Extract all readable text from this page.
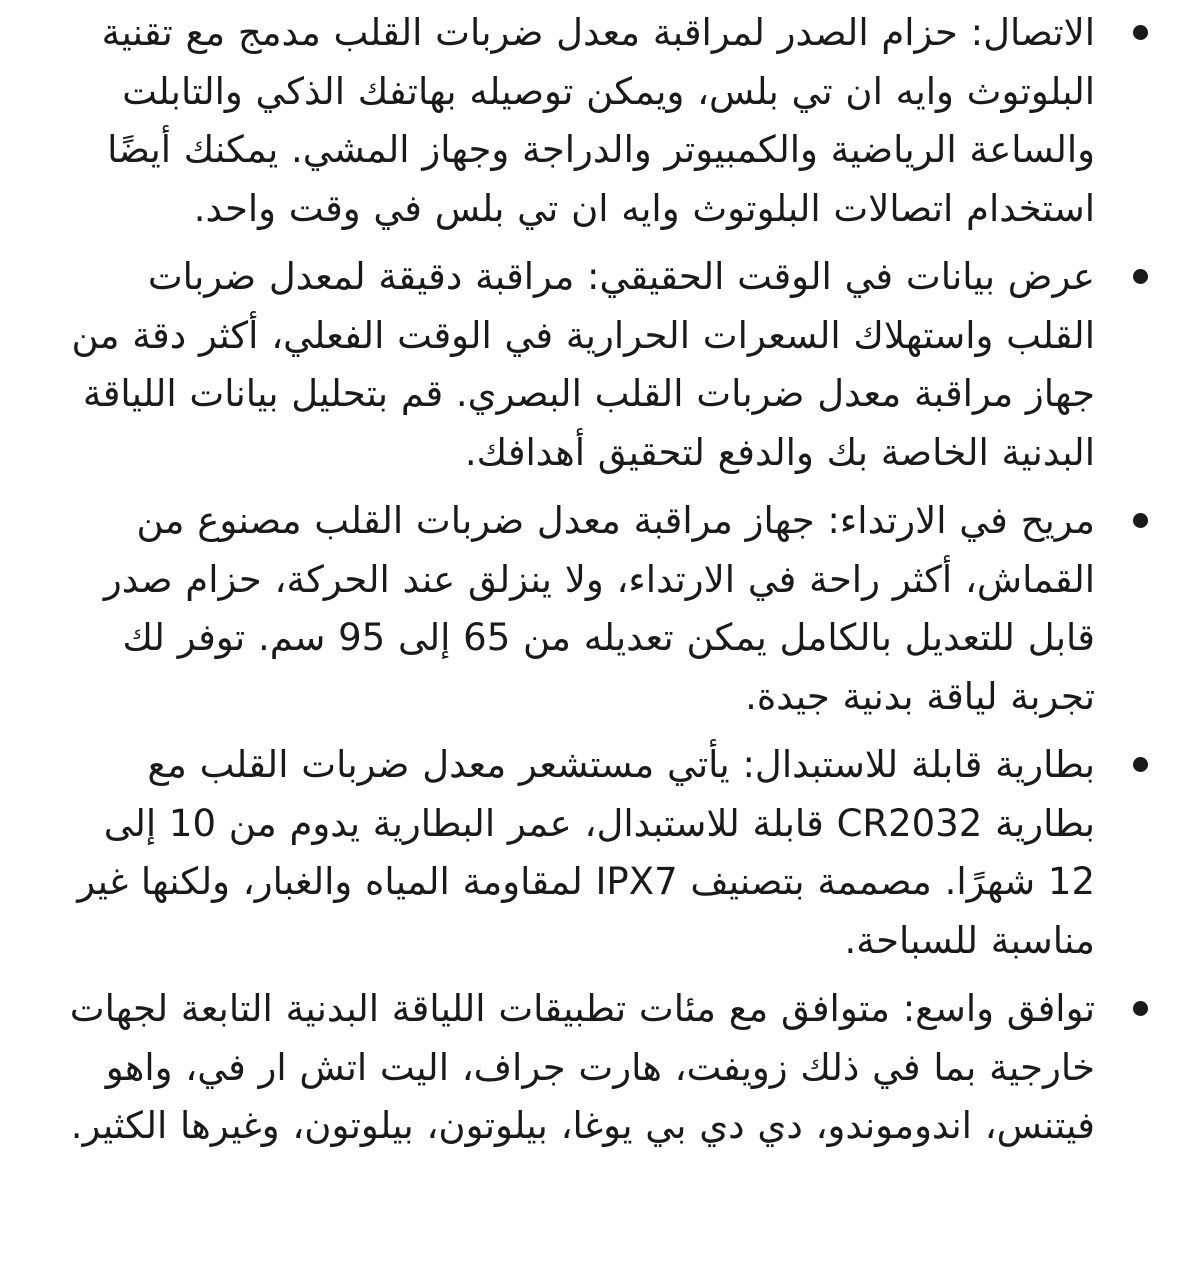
الاتصال: حزام الصدر لمراقبة معدل ضربات القلب مدمج مع تقنية البلوتوث وايه ان تي بلس، ويمكن توصيله بهاتفك الذكي والتابلت والساعة الرياضية والكمبيوتر والدراجة وجهاز المشي. يمكنك أيضًا استخدام اتصالات البلوتوث وايه ان تي بلس في وقت واحد.
عرض بيانات في الوقت الحقيقي: مراقبة دقيقة لمعدل ضربات القلب واستهلاك السعرات الحرارية في الوقت الفعلي، أكثر دقة من جهاز مراقبة معدل ضربات القلب البصري. قم بتحليل بيانات اللياقة البدنية الخاصة بك والدفع لتحقيق أهدافك.
مريح في الارتداء: جهاز مراقبة معدل ضربات القلب مصنوع من القماش، أكثر راحة في الارتداء، ولا ينزلق عند الحركة، حزام صدر قابل للتعديل بالكامل يمكن تعديله من 65 إلى 95 سم. توفر لك تجربة لياقة بدنية جيدة.
بطارية قابلة للاستبدال: يأتي مستشعر معدل ضربات القلب مع بطارية CR2032 قابلة للاستبدال، عمر البطارية يدوم من 10 إلى 12 شهرًا. مصممة بتصنيف IPX7 لمقاومة المياه والغبار، ولكنها غير مناسبة للسباحة.
توافق واسع: متوافق مع مئات تطبيقات اللياقة البدنية التابعة لجهات خارجية بما في ذلك زويفت، هارت جراف، اليت اتش ار في، واهو فيتنس، اندوموندو، دي دي بي يوغا، بيلوتون، بيلوتون، وغيرها الكثير.
